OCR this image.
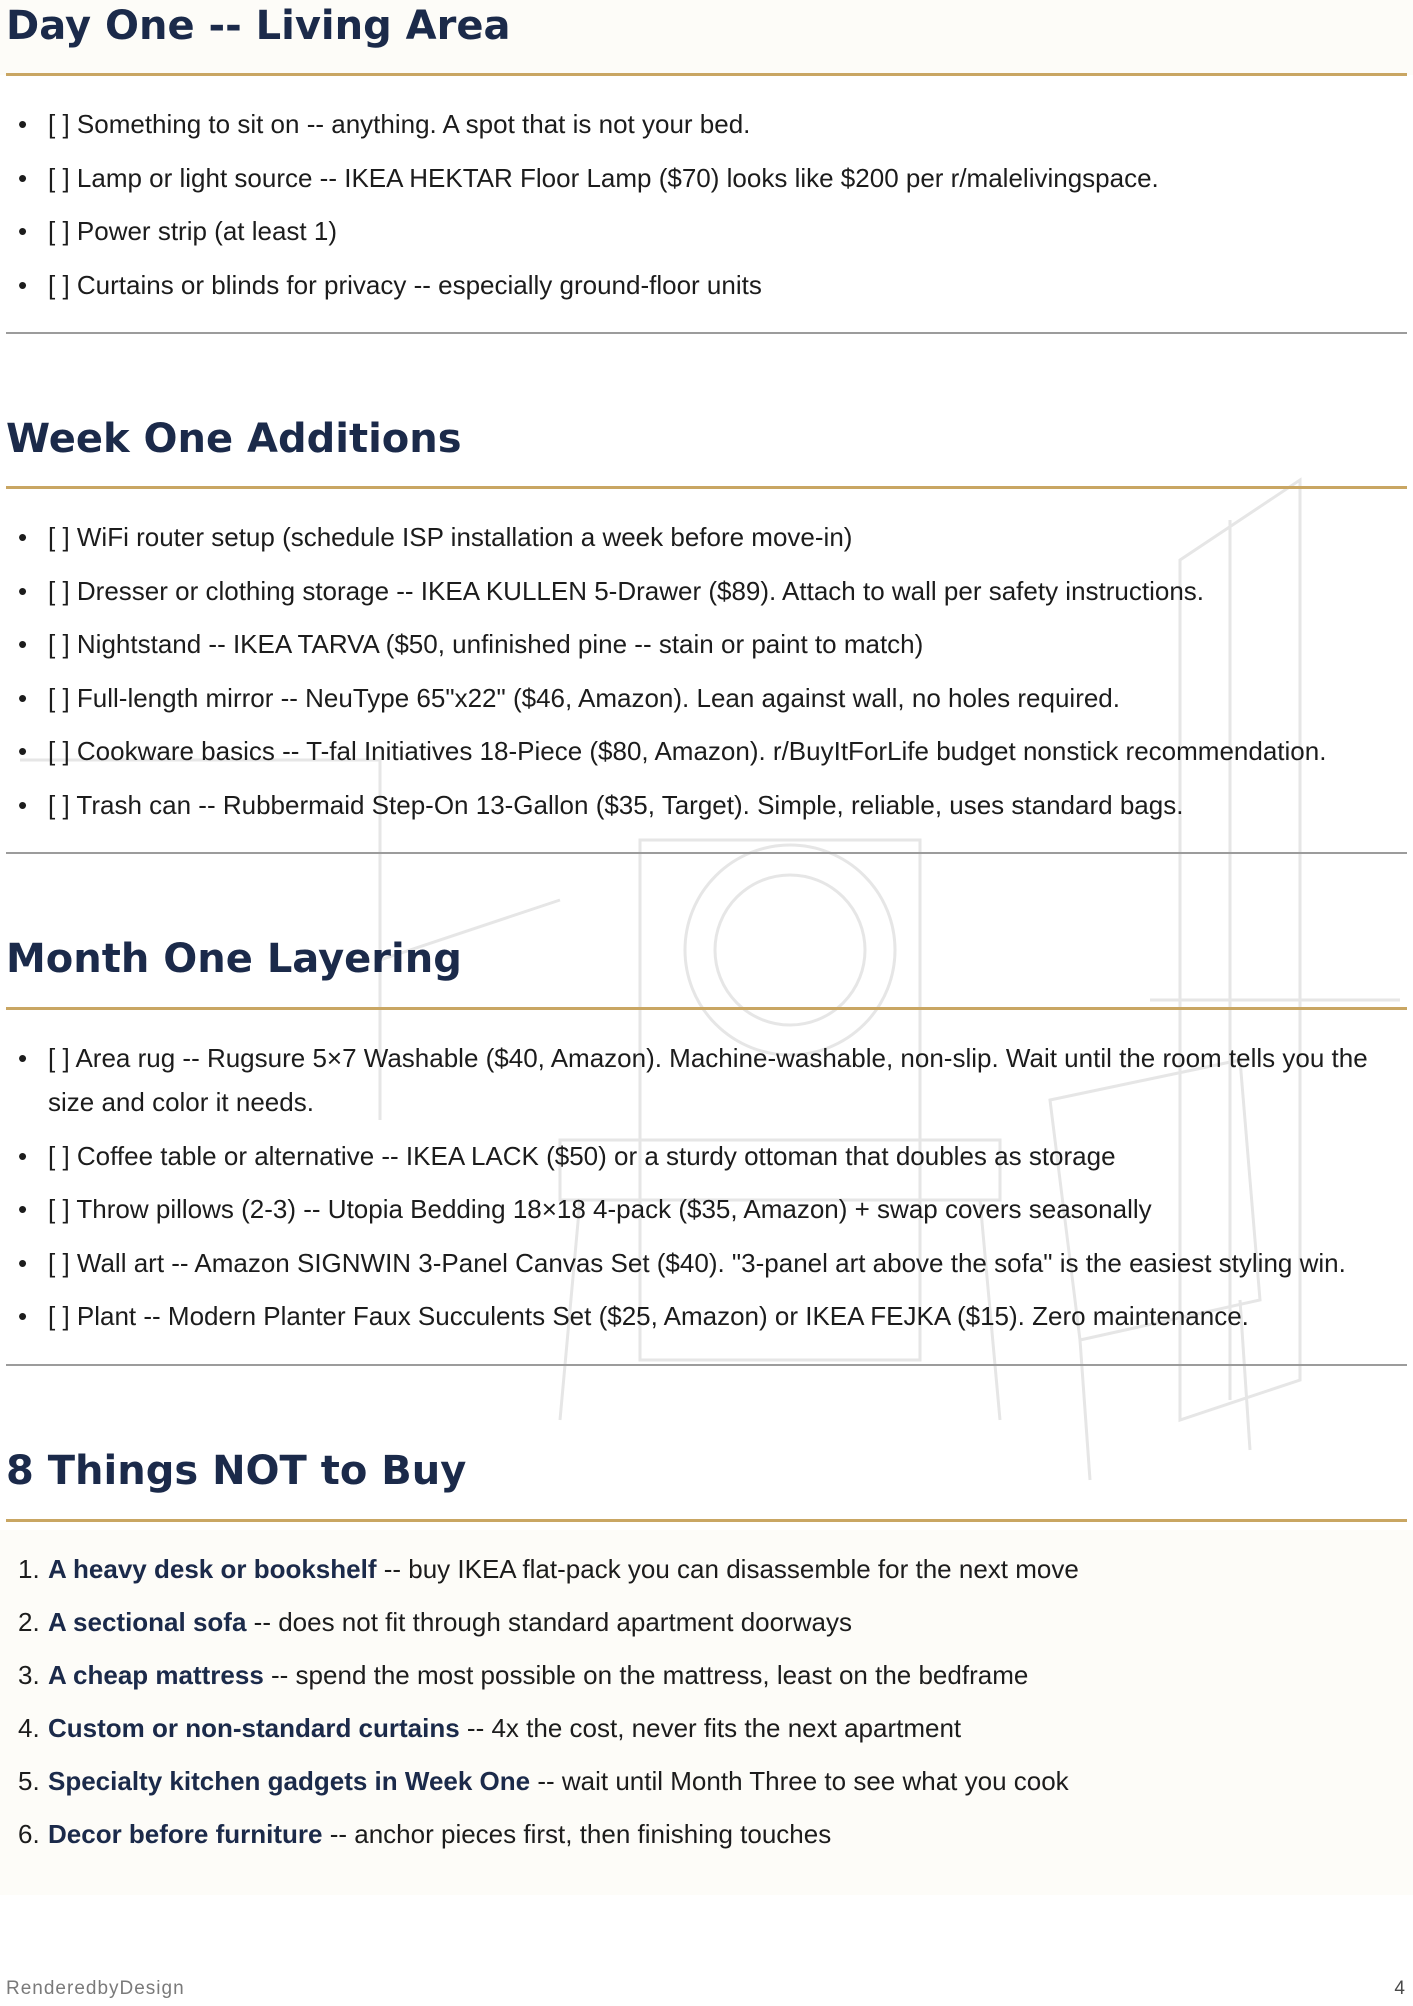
Day One -- Living Area
• [ ] Something to sit on -- anything. A spot that is not your bed.
• [ ] Lamp or light source -- IKEA HEKTAR Floor Lamp ($70) looks like $200 per r/malelivingspace.
• [ ] Power strip (at least 1)
• [ ] Curtains or blinds for privacy -- especially ground-floor units
Week One Additions
• [ ] WiFi router setup (schedule ISP installation a week before move-in)
• [ ] Dresser or clothing storage -- IKEA KULLEN 5-Drawer ($89). Attach to wall per safety instructions.
• [ ] Nightstand -- IKEA TARVA ($50, unfinished pine -- stain or paint to match)
• [ ] Full-length mirror -- NeuType 65"x22" ($46, Amazon). Lean against wall, no holes required.
• [ ] Cookware basics -- T-fal Initiatives 18-Piece ($80, Amazon). r/BuyItForLife budget nonstick recommendation.
• [ ] Trash can -- Rubbermaid Step-On 13-Gallon ($35, Target). Simple, reliable, uses standard bags.
Month One Layering
• [ ] Area rug -- Rugsure 5×7 Washable ($40, Amazon). Machine-washable, non-slip. Wait until the room tells you the size and color it needs.
• [ ] Coffee table or alternative -- IKEA LACK ($50) or a sturdy ottoman that doubles as storage
• [ ] Throw pillows (2-3) -- Utopia Bedding 18×18 4-pack ($35, Amazon) + swap covers seasonally
• [ ] Wall art -- Amazon SIGNWIN 3-Panel Canvas Set ($40). "3-panel art above the sofa" is the easiest styling win.
• [ ] Plant -- Modern Planter Faux Succulents Set ($25, Amazon) or IKEA FEJKA ($15). Zero maintenance.
8 Things NOT to Buy
1. A heavy desk or bookshelf -- buy IKEA flat-pack you can disassemble for the next move
2. A sectional sofa -- does not fit through standard apartment doorways
3. A cheap mattress -- spend the most possible on the mattress, least on the bedframe
4. Custom or non-standard curtains -- 4x the cost, never fits the next apartment
5. Specialty kitchen gadgets in Week One -- wait until Month Three to see what you cook
6. Decor before furniture -- anchor pieces first, then finishing touches
RenderedbyDesign	4
